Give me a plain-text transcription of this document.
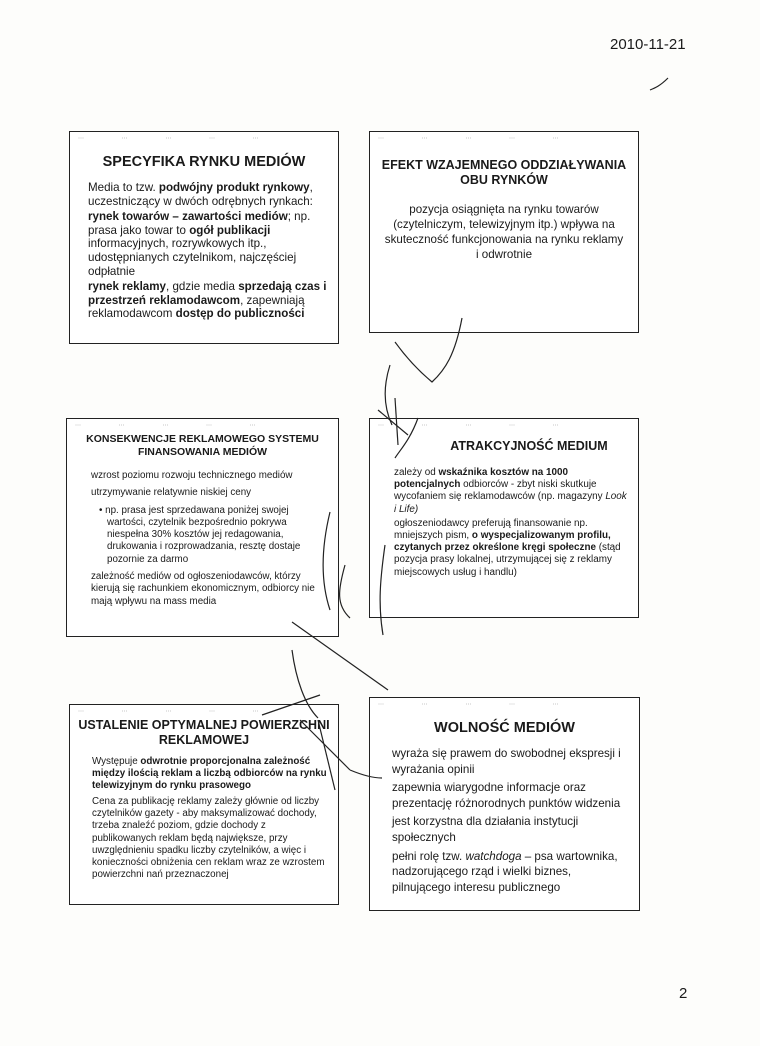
2010-11-21
⋯ ⋯ ⋯ ⋯ ⋯
SPECYFIKA RYNKU MEDIÓW

Media to tzw. podwójny produkt rynkowy, uczestniczący w dwóch odrębnych rynkach:

rynek towarów – zawartości mediów; np. prasa jako towar to ogół publikacji informacyjnych, rozrywkowych itp., udostępnianych czytelnikom, najczęściej odpłatnie

rynek reklamy, gdzie media sprzedają czas i przestrzeń reklamodawcom, zapewniają reklamodawcom dostęp do publiczności

⋯ ⋯ ⋯ ⋯ ⋯
EFEKT WZAJEMNEGO ODDZIAŁYWANIA OBU RYNKÓW

pozycja osiągnięta na rynku towarów (czytelniczym, telewizyjnym itp.) wpływa na skuteczność funkcjonowania na rynku reklamy i odwrotnie

⋯ ⋯ ⋯ ⋯ ⋯
KONSEKWENCJE REKLAMOWEGO SYSTEMU FINANSOWANIA MEDIÓW

wzrost poziomu rozwoju technicznego mediów

utrzymywanie relatywnie niskiej ceny

• np. prasa jest sprzedawana poniżej swojej wartości, czytelnik bezpośrednio pokrywa niespełna 30% kosztów jej redagowania, drukowania i rozprowadzania, resztę dostaje pozornie za darmo

zależność mediów od ogłoszeniodawców, którzy kierują się rachunkiem ekonomicznym, odbiorcy nie mają wpływu na mass media

⋯ ⋯ ⋯ ⋯ ⋯
ATRAKCYJNOŚĆ MEDIUM

zależy od wskaźnika kosztów na 1000 potencjalnych odbiorców - zbyt niski skutkuje wycofaniem się reklamodawców (np. magazyny Look i Life)

ogłoszeniodawcy preferują finansowanie np. mniejszych pism, o wyspecjalizowanym profilu, czytanych przez określone kręgi społeczne (stąd pozycja prasy lokalnej, utrzymującej się z reklamy miejscowych usług i handlu)

⋯ ⋯ ⋯ ⋯ ⋯
USTALENIE OPTYMALNEJ POWIERZCHNI REKLAMOWEJ

Występuje odwrotnie proporcjonalna zależność między ilością reklam a liczbą odbiorców na rynku telewizyjnym do rynku prasowego

Cena za publikację reklamy zależy głównie od liczby czytelników gazety - aby maksymalizować dochody, trzeba znaleźć poziom, gdzie dochody z publikowanych reklam będą największe, przy uwzględnieniu spadku liczby czytelników, a więc i konieczności obniżenia cen reklam wraz ze wzrostem powierzchni nań przeznaczonej

⋯ ⋯ ⋯ ⋯ ⋯
WOLNOŚĆ MEDIÓW

wyraża się prawem do swobodnej ekspresji i wyrażania opinii

zapewnia wiarygodne informacje oraz prezentację różnorodnych punktów widzenia

jest korzystna dla działania instytucji społecznych

pełni rolę tzw. watchdoga – psa wartownika, nadzorującego rząd i wielki biznes, pilnującego interesu publicznego

2
